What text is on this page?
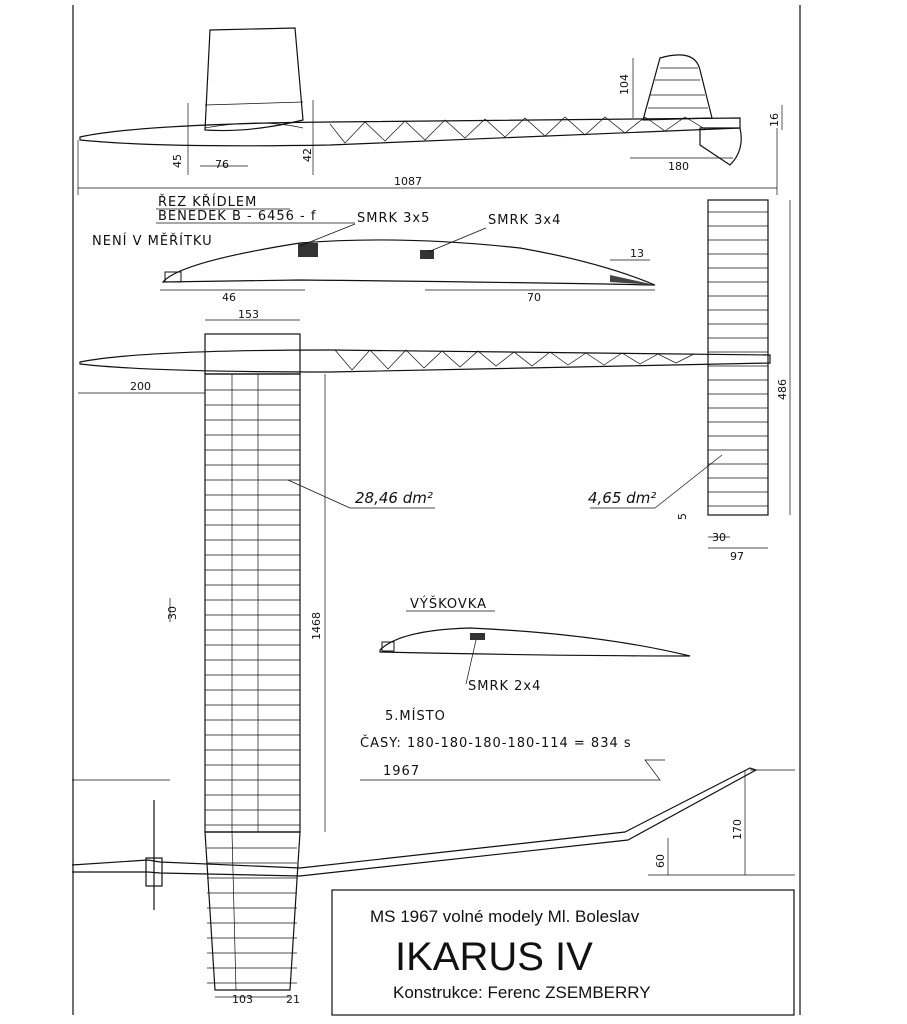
104
16
45	76
42
180
1087
ŘEZ KŘÍDLEM
BENEDEK B - 6456 - f
NENÍ V MĚŘÍTKU
SMRK 3x5	SMRK 3x4
13
46	70
153
200
103	21
30	1468
28,46 dm²
486
4,65 dm²
5
30
97
VÝŠKOVKA
SMRK 2x4
5.MÍSTO
ČASY: 180-180-180-180-114 = 834 s
1967
60
170
MS 1967 volné modely Ml. Boleslav
IKARUS IV
Konstrukce: Ferenc ZSEMBERRY
